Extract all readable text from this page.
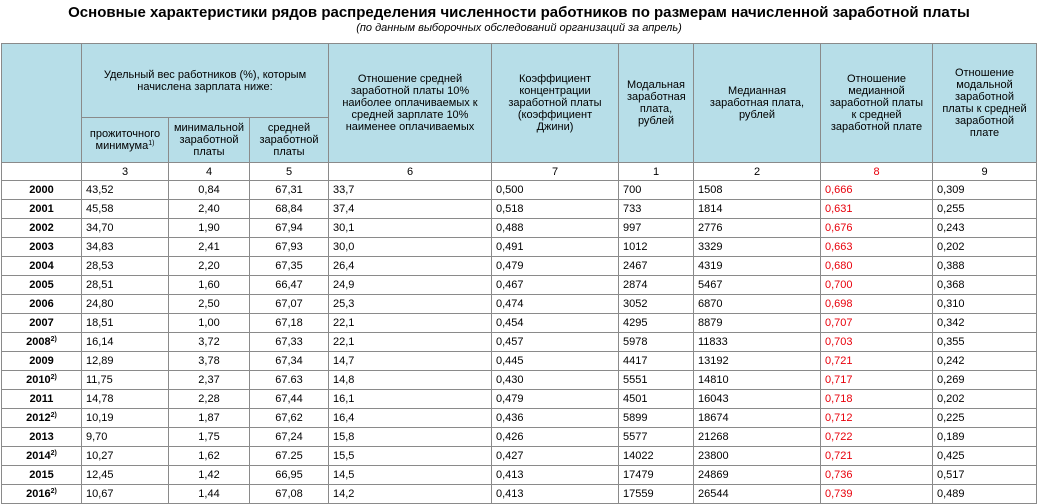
Основные характеристики рядов распределения численности работников по размерам начисленной заработной платы
(по данным выборочных обследований организаций за апрель)
	Удельный вес работников (%), которым начислена зарплата ниже:			Отношение средней заработной платы 10% наиболее оплачиваемых к средней зарплате 10% наименее оплачиваемых	Коэффициент концентрации заработной платы (коэффициент Джини)	Модальная заработная плата, рублей	Медианная заработная плата, рублей	Отношение медианной заработной платы к средней заработной плате	Отношение модальной заработной платы к средней заработной плате
	прожиточного минимума$^{1)}$	минимальной заработной платы	средней заработной платы						
	3	4	5	6	7	1	2	8	9
2000	43,52	0,84	67,31	33,7	0,500	700	1508	0,666	0,309
2001	45,58	2,40	68,84	37,4	0,518	733	1814	0,631	0,255
2002	34,70	1,90	67,94	30,1	0,488	997	2776	0,676	0,243
2003	34,83	2,41	67,93	30,0	0,491	1012	3329	0,663	0,202
2004	28,53	2,20	67,35	26,4	0,479	2467	4319	0,680	0,388
2005	28,51	1,60	66,47	24,9	0,467	2874	5467	0,700	0,368
2006	24,80	2,50	67,07	25,3	0,474	3052	6870	0,698	0,310
2007	18,51	1,00	67,18	22,1	0,454	4295	8879	0,707	0,342
2008$^{2)}$	16,14	3,72	67,33	22,1	0,457	5978	11833	0,703	0,355
2009	12,89	3,78	67,34	14,7	0,445	4417	13192	0,721	0,242
2010$^{2)}$	11,75	2,37	67.63	14,8	0,430	5551	14810	0,717	0,269
2011	14,78	2,28	67,44	16,1	0,479	4501	16043	0,718	0,202
2012$^{2)}$	10,19	1,87	67,62	16,4	0,436	5899	18674	0,712	0,225
2013	9,70	1,75	67,24	15,8	0,426	5577	21268	0,722	0,189
2014$^{2)}$	10,27	1,62	67.25	15,5	0,427	14022	23800	0,721	0,425
2015	12,45	1,42	66,95	14,5	0,413	17479	24869	0,736	0,517
2016$^{2)}$	10,67	1,44	67,08	14,2	0,413	17559	26544	0,739	0,489
